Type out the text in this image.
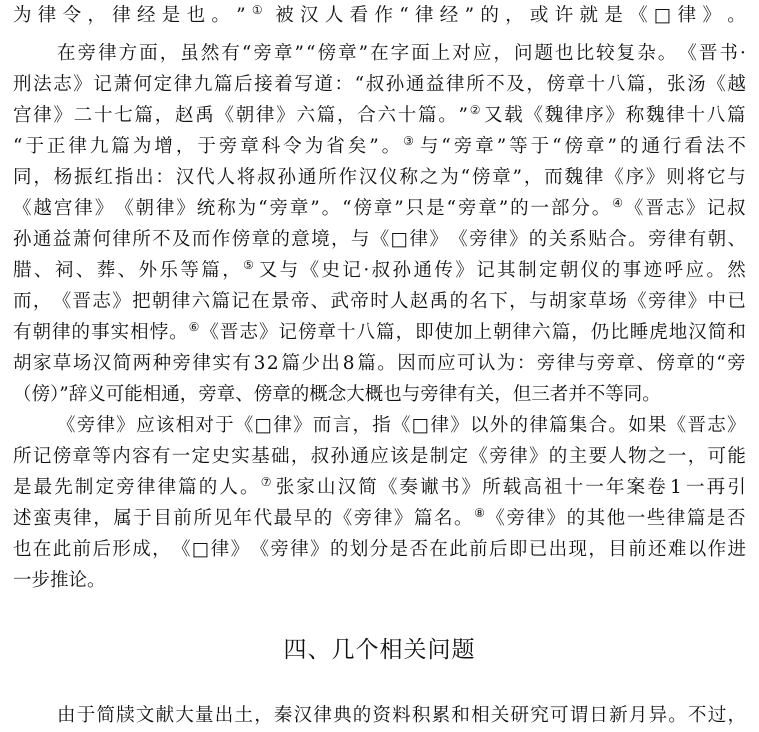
为 律 令 ， 律 经 是 也 。 ” ① 被 汉 人 看 作 “ 律 经 ” 的 ， 或 许 就 是 《 □ 律 》 。
在 旁 律 方 面 ， 虽 然 有 “ 旁 章 ” “ 傍 章 ” 在 字 面 上 对 应 ， 问 题 也 比 较 复 杂 。 《 晋 书 ·
刑 法 志 》 记 萧 何 定 律 九 篇 后 接 着 写 道 ： “ 叔 孙 通 益 律 所 不 及 ， 傍 章 十 八 篇 ， 张 汤 《 越
宫 律 》 二 十 七 篇 ， 赵 禹 《 朝 律 》 六 篇 ， 合 六 十 篇 。 ”② 又 载 《 魏 律 序 》 称 魏 律 十 八 篇
“ 于 正 律 九 篇 为 增 ， 于 旁 章 科 令 为 省 矣 ” 。③ 与 “ 旁 章 ” 等 于 “ 傍 章 ” 的 通 行 看 法 不
同 ， 杨 振 红 指 出 ： 汉 代 人 将 叔 孙 通 所 作 汉 仪 称 之 为 “ 傍 章 ” ， 而 魏 律 《 序 》 则 将 它 与
《 越 宫 律 》 《 朝 律 》 统 称 为 “ 旁 章 ” 。 “ 傍 章 ” 只 是 “ 旁 章 ” 的 一 部 分 。④ 《 晋 志 》 记 叔
孙 通 益 萧 何 律 所 不 及 而 作 傍 章 的 意 境 ， 与 《 □ 律 》 《 旁 律 》 的 关 系 贴 合 。 旁 律 有 朝 、
腊 、 祠 、 葬 、 外 乐 等 篇 ，⑤ 又 与 《 史 记 · 叔 孙 通 传 》 记 其 制 定 朝 仪 的 事 迹 呼 应 。 然
而 ， 《 晋 志 》 把 朝 律 六 篇 记 在 景 帝 、 武 帝 时 人 赵 禹 的 名 下 ， 与 胡 家 草 场 《 旁 律 》 中 已
有 朝 律 的 事 实 相 悖 。⑥ 《 晋 志 》 记 傍 章 十 八 篇 ， 即 使 加 上 朝 律 六 篇 ， 仍 比 睡 虎 地 汉 简 和
胡 家 草 场 汉 简 两 种 旁 律 实 有 3 2 篇 少 出 8 篇 。 因 而 应 可 认 为 ： 旁 律 与 旁 章 、 傍 章 的 “ 旁
（傍）”辞义可能相通，旁章、傍章的概念大概也与旁律有关，但三者并不等同。
《 旁 律 》 应 该 相 对 于 《 □ 律 》 而 言 ， 指 《 □ 律 》 以 外 的 律 篇 集 合 。 如 果 《 晋 志 》
所 记 傍 章 等 内 容 有 一 定 史 实 基 础 ， 叔 孙 通 应 该 是 制 定 《 旁 律 》 的 主 要 人 物 之 一 ， 可 能
是 最 先 制 定 旁 律 律 篇 的 人 。⑦ 张 家 山 汉 简 《 奏 谳 书 》 所 载 高 祖 十 一 年 案 卷 1 一 再 引
述 蛮 夷 律 ， 属 于 目 前 所 见 年 代 最 早 的 《 旁 律 》 篇 名 。⑧ 《 旁 律 》 的 其 他 一 些 律 篇 是 否
也 在 此 前 后 形 成 ， 《 □ 律 》 《 旁 律 》 的 划 分 是 否 在 此 前 后 即 已 出 现 ， 目 前 还 难 以 作 进
一步推论。
四、几个相关问题
由 于 简 牍 文 献 大 量 出 土 ， 秦 汉 律 典 的 资 料 积 累 和 相 关 研 究 可 谓 日 新 月 异 。 不 过 ，
